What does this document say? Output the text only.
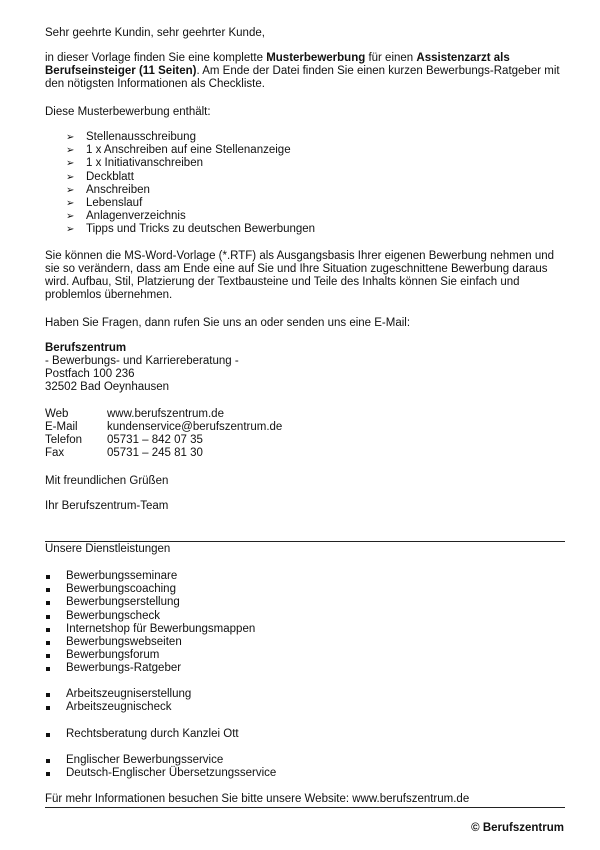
Sehr geehrte Kundin, sehr geehrter Kunde,

in dieser Vorlage finden Sie eine komplette Musterbewerbung für einen Assistenzarzt als Berufseinsteiger (11 Seiten). Am Ende der Datei finden Sie einen kurzen Bewerbungs-Ratgeber mit den nötigsten Informationen als Checkliste.

Diese Musterbewerbung enthält:

➢ Stellenausschreibung
➢ 1 x Anschreiben auf eine Stellenanzeige
➢ 1 x Initiativanschreiben
➢ Deckblatt
➢ Anschreiben
➢ Lebenslauf
➢ Anlagenverzeichnis
➢ Tipps und Tricks zu deutschen Bewerbungen

Sie können die MS-Word-Vorlage (*.RTF) als Ausgangsbasis Ihrer eigenen Bewerbung nehmen und sie so verändern, dass am Ende eine auf Sie und Ihre Situation zugeschnittene Bewerbung daraus wird. Aufbau, Stil, Platzierung der Textbausteine und Teile des Inhalts können Sie einfach und problemlos übernehmen.

Haben Sie Fragen, dann rufen Sie uns an oder senden uns eine E-Mail:

Berufszentrum
- Bewerbungs- und Karriereberatung -
Postfach 100 236
32502 Bad Oeynhausen
Web	www.berufszentrum.de
E-Mail	kundenservice@berufszentrum.de
Telefon	05731 – 842 07 35
Fax	05731 – 245 81 30

Mit freundlichen Grüßen

Ihr Berufszentrum-Team

Unsere Dienstleistungen

Bewerbungsseminare
Bewerbungscoaching
Bewerbungserstellung
Bewerbungscheck
Internetshop für Bewerbungsmappen
Bewerbungswebseiten
Bewerbungsforum
Bewerbungs-Ratgeber
Arbeitszeugniserstellung
Arbeitszeugnischeck
Rechtsberatung durch Kanzlei Ott
Englischer Bewerbungsservice
Deutsch-Englischer Übersetzungsservice

Für mehr Informationen besuchen Sie bitte unsere Website: www.berufszentrum.de

© Berufszentrum
